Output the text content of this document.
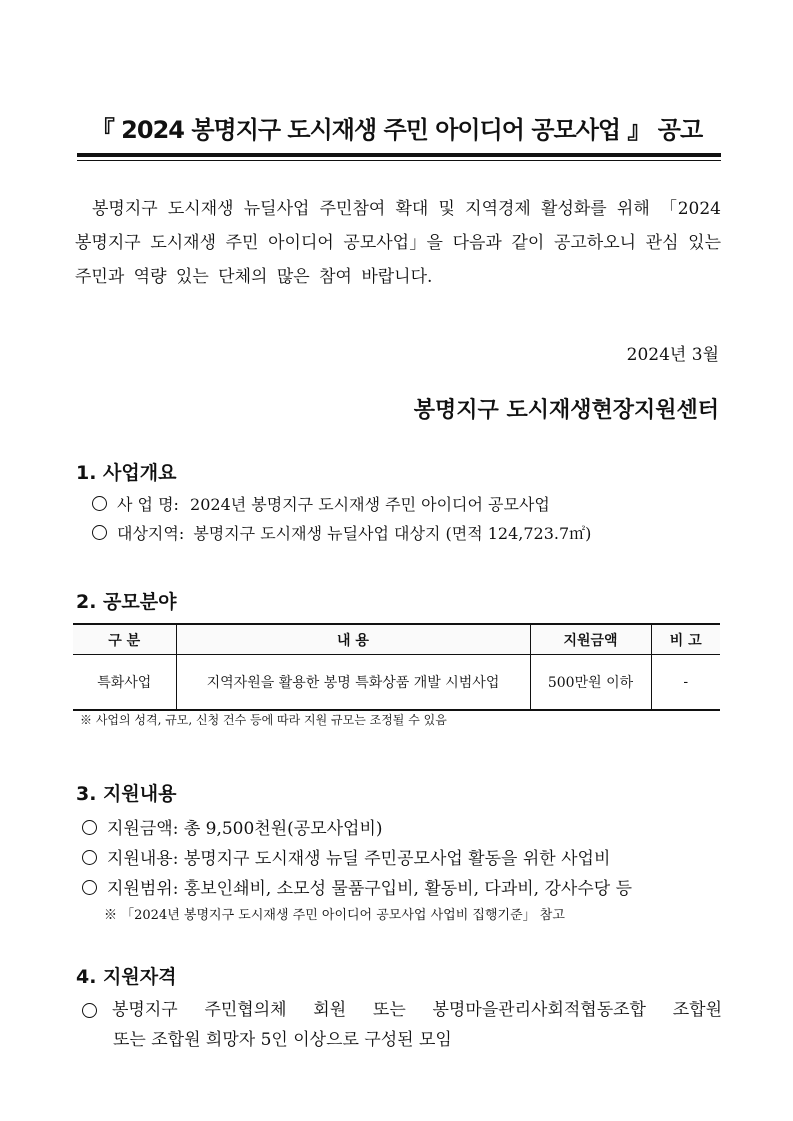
『 2024 봉명지구 도시재생 주민 아이디어 공모사업 』 공고
봉명지구 도시재생 뉴딜사업 주민참여 확대 및 지역경제 활성화를 위해 「2024 봉명지구 도시재생 주민 아이디어 공모사업」을 다음과 같이 공고하오니 관심 있는 주민과 역량 있는 단체의 많은 참여 바랍니다.
2024년 3월
봉명지구 도시재생현장지원센터
1. 사업개요
사 업 명: 2024년 봉명지구 도시재생 주민 아이디어 공모사업
대상지역: 봉명지구 도시재생 뉴딜사업 대상지 (면적 124,723.7㎡)
2. 공모분야
구 분	내 용	지원금액	비 고
특화사업	지역자원을 활용한 봉명 특화상품 개발 시범사업	500만원 이하	-
※ 사업의 성격, 규모, 신청 건수 등에 따라 지원 규모는 조정될 수 있음
3. 지원내용
지원금액: 총 9,500천원(공모사업비)
지원내용: 봉명지구 도시재생 뉴딜 주민공모사업 활동을 위한 사업비
지원범위: 홍보인쇄비, 소모성 물품구입비, 활동비, 다과비, 강사수당 등
※ 「2024년 봉명지구 도시재생 주민 아이디어 공모사업 사업비 집행기준」 참고
4. 지원자격
봉명지구 주민협의체 회원 또는 봉명마을관리사회적협동조합 조합원
또는 조합원 희망자 5인 이상으로 구성된 모임
